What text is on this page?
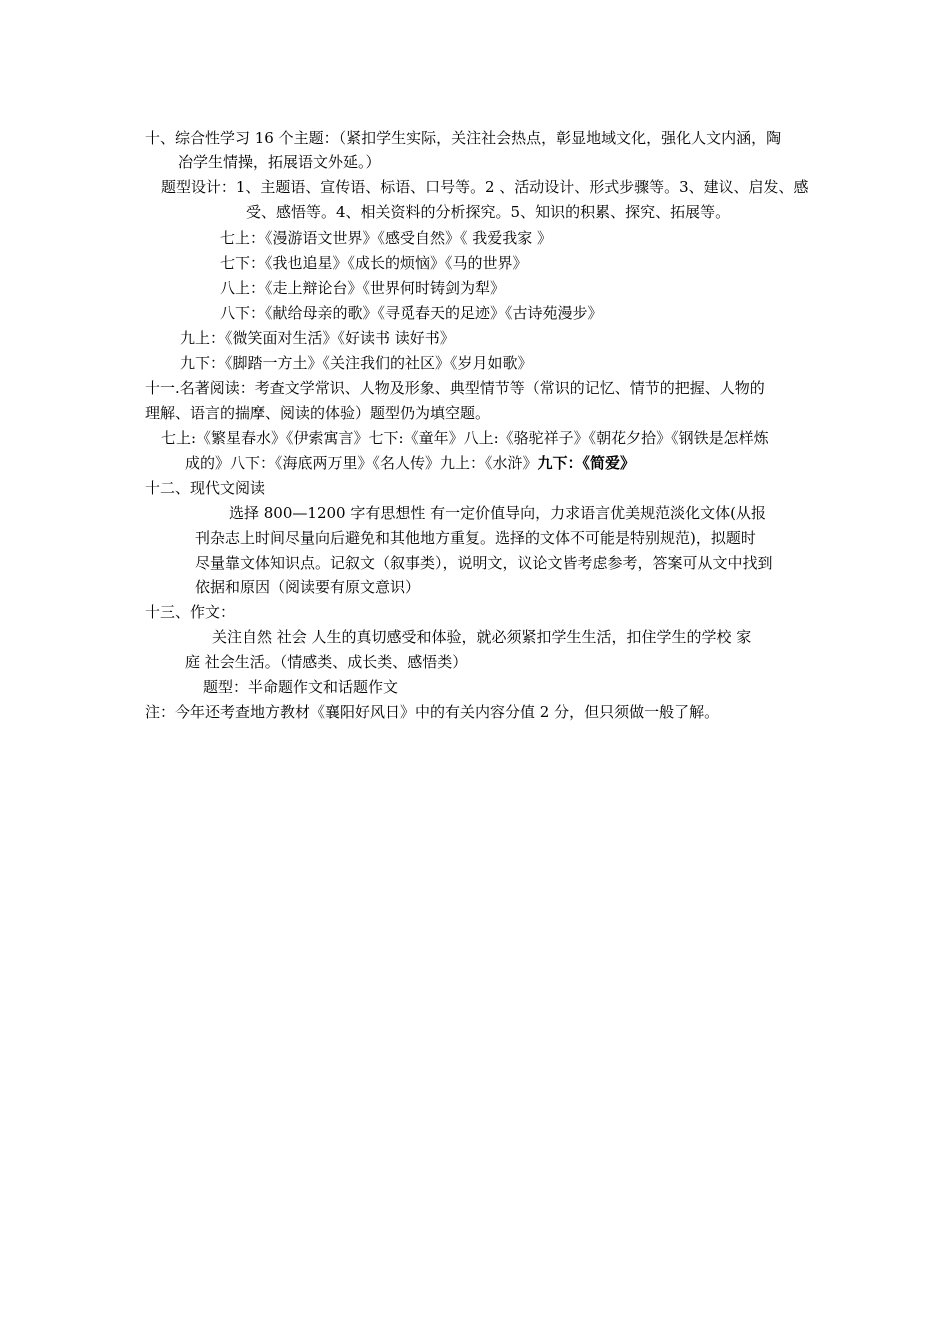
十、综合性学习 16 个主题：（紧扣学生实际，关注社会热点，彰显地域文化，强化人文内涵，陶
冶学生情操，拓展语文外延。）
题型设计：1、主题语、宣传语、标语、口号等。2 、活动设计、形式步骤等。3、建议、启发、感
受、感悟等。4、相关资料的分析探究。5、知识的积累、探究、拓展等。
七上：《漫游语文世界》《感受自然》《 我爱我家 》
七下：《我也追星》《成长的烦恼》《马的世界》
八上：《走上辩论台》《世界何时铸剑为犁》
八下：《献给母亲的歌》《寻觅春天的足迹》《古诗苑漫步》
九上：《微笑面对生活》《好读书 读好书》
九下：《脚踏一方土》《关注我们的社区》《岁月如歌》
十一.名著阅读：考查文学常识、人物及形象、典型情节等（常识的记忆、情节的把握、人物的
理解、语言的揣摩、阅读的体验）题型仍为填空题。
七上:《繁星春水》《伊索寓言》七下:《童年》八上:《骆驼祥子》《朝花夕拾》《钢铁是怎样炼
成的》八下：《海底两万里》《名人传》九上：《水浒》九下：《简爱》
十二、现代文阅读
选择 800—1200 字有思想性 有一定价值导向，力求语言优美规范淡化文体(从报
刊杂志上时间尽量向后避免和其他地方重复。选择的文体不可能是特别规范)，拟题时
尽量靠文体知识点。记叙文（叙事类），说明文，议论文皆考虑参考，答案可从文中找到
依据和原因（阅读要有原文意识）
十三、作文：
关注自然 社会 人生的真切感受和体验，就必须紧扣学生生活，扣住学生的学校 家
庭 社会生活。（情感类、成长类、感悟类）
题型：半命题作文和话题作文
注：今年还考查地方教材《襄阳好风日》中的有关内容分值 2 分，但只须做一般了解。
